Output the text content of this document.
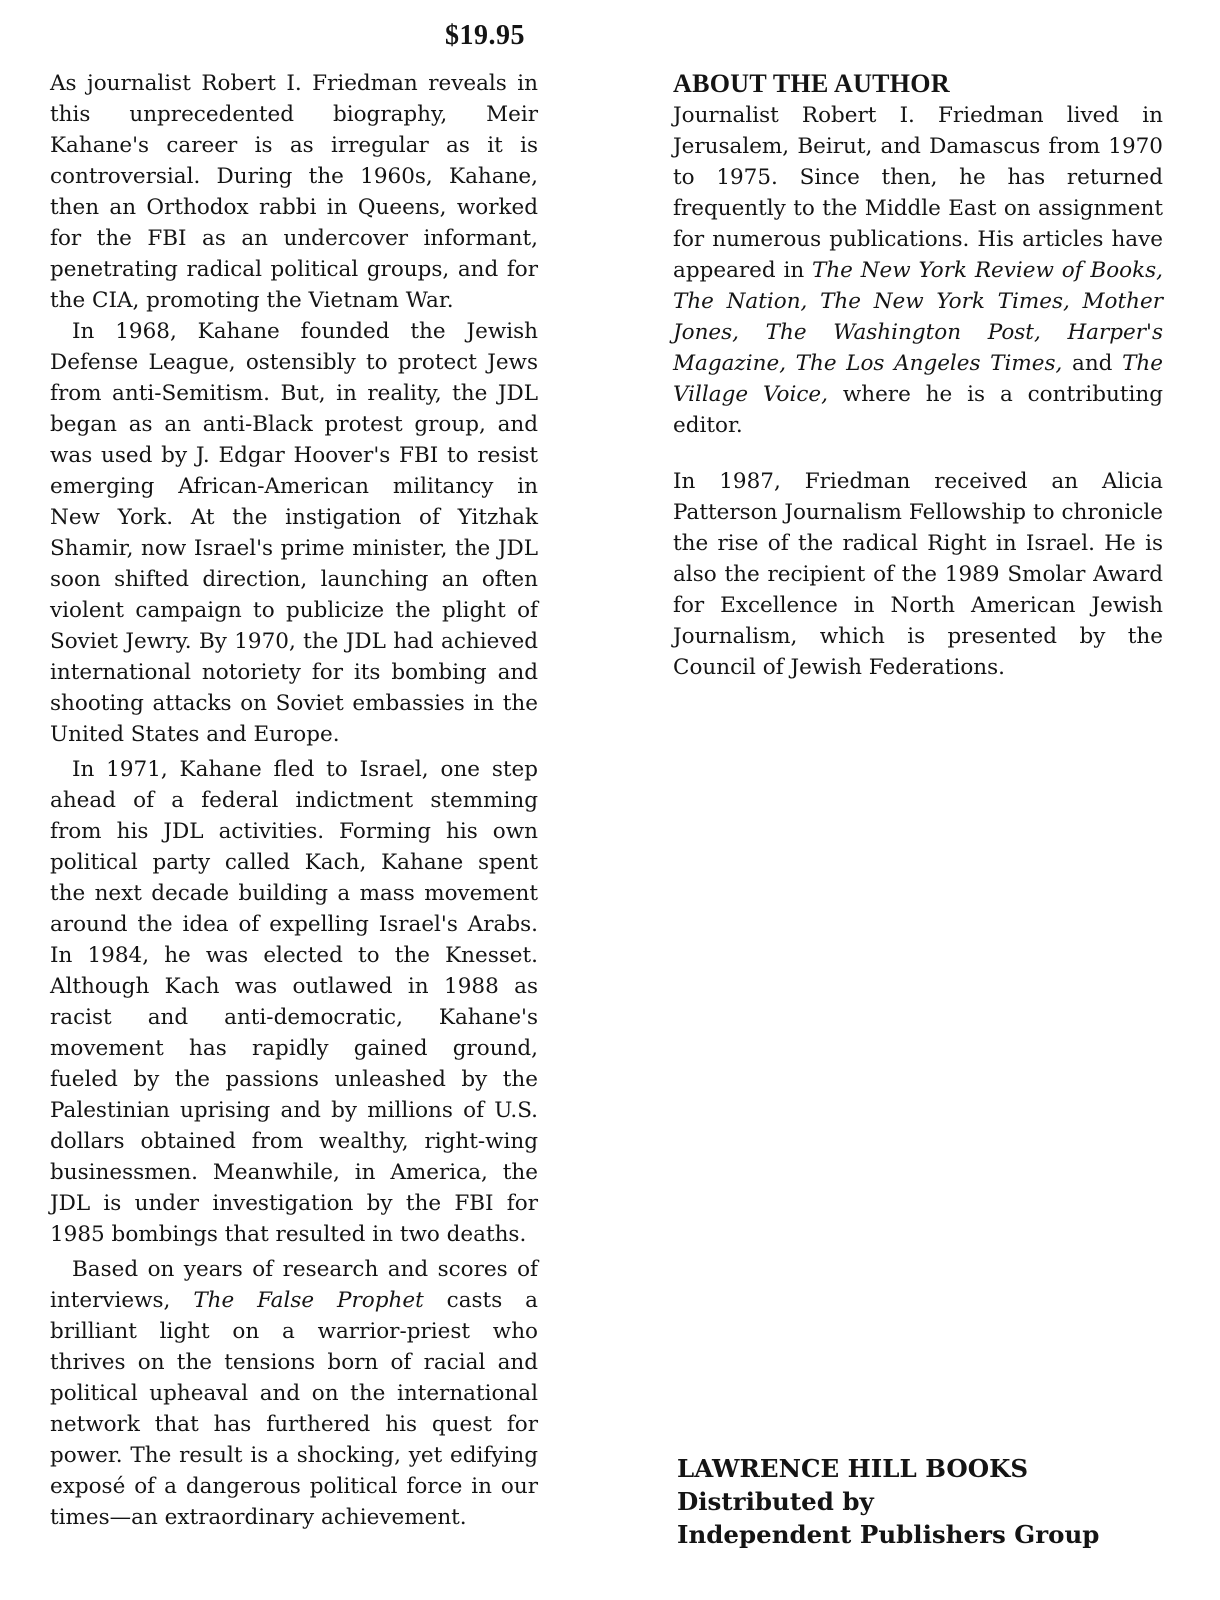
$19.95

As journalist Robert I. Friedman reveals in this unprecedented biography, Meir Kahane's career is as irregular as it is controversial. During the 1960s, Kahane, then an Orthodox rabbi in Queens, worked for the FBI as an undercover informant, penetrating radical political groups, and for the CIA, promoting the Vietnam War.

In 1968, Kahane founded the Jewish Defense League, ostensibly to protect Jews from anti-Semitism. But, in reality, the JDL began as an anti-Black protest group, and was used by J. Edgar Hoover's FBI to resist emerging African-American militancy in New York. At the instigation of Yitzhak Shamir, now Israel's prime minister, the JDL soon shifted direction, launching an often violent campaign to publicize the plight of Soviet Jewry. By 1970, the JDL had achieved international notoriety for its bombing and shooting attacks on Soviet embassies in the United States and Europe.

In 1971, Kahane fled to Israel, one step ahead of a federal indictment stemming from his JDL activities. Forming his own political party called Kach, Kahane spent the next decade building a mass movement around the idea of expelling Israel's Arabs. In 1984, he was elected to the Knesset. Although Kach was outlawed in 1988 as racist and anti-democratic, Kahane's movement has rapidly gained ground, fueled by the passions unleashed by the Palestinian uprising and by millions of U.S. dollars obtained from wealthy, right-wing businessmen. Meanwhile, in America, the JDL is under investigation by the FBI for 1985 bombings that resulted in two deaths.

Based on years of research and scores of interviews, The False Prophet casts a brilliant light on a warrior-priest who thrives on the tensions born of racial and political upheaval and on the international network that has furthered his quest for power. The result is a shocking, yet edifying exposé of a dangerous political force in our times—an extraordinary achievement.

ABOUT THE AUTHOR

Journalist Robert I. Friedman lived in Jerusalem, Beirut, and Damascus from 1970 to 1975. Since then, he has returned frequently to the Middle East on assignment for numerous publications. His articles have appeared in The New York Review of Books, The Nation, The New York Times, Mother Jones, The Washington Post, Harper's Magazine, The Los Angeles Times, and The Village Voice, where he is a contributing editor.

In 1987, Friedman received an Alicia Patterson Journalism Fellowship to chronicle the rise of the radical Right in Israel. He is also the recipient of the 1989 Smolar Award for Excellence in North American Jewish Journalism, which is presented by the Council of Jewish Federations.

LAWRENCE HILL BOOKS
Distributed by
Independent Publishers Group
